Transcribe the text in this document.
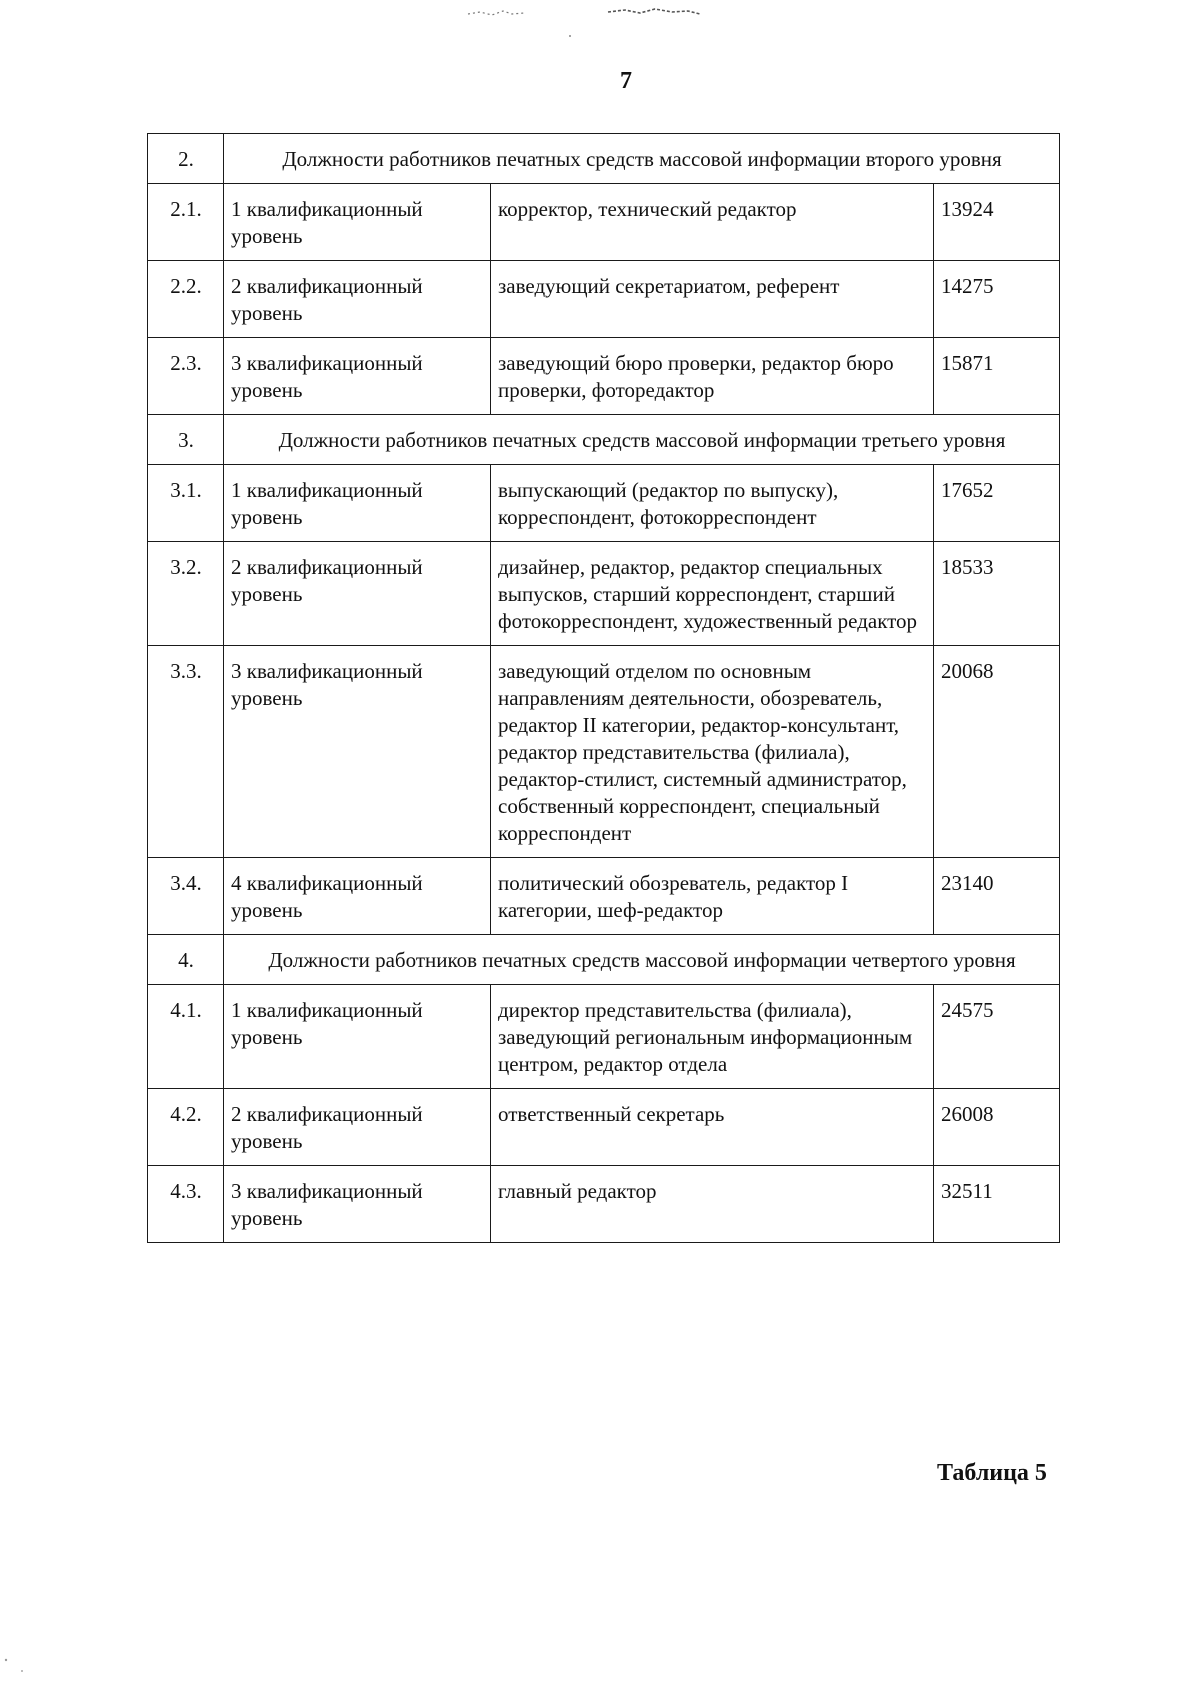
7
2.	Должности работников печатных средств массовой информации второго уровня		
2.1.	1 квалификационный уровень	корректор, технический редактор	13924
2.2.	2 квалификационный уровень	заведующий секретариатом, референт	14275
2.3.	3 квалификационный уровень	заведующий бюро проверки, редактор бюро проверки, фоторедактор	15871
3.	Должности работников печатных средств массовой информации третьего уровня		
3.1.	1 квалификационный уровень	выпускающий (редактор по выпуску), корреспондент, фотокорреспондент	17652
3.2.	2 квалификационный уровень	дизайнер, редактор, редактор специальных выпусков, старший корреспондент, старший фотокорреспондент, художественный редактор	18533
3.3.	3 квалификационный уровень	заведующий отделом по основным направлениям деятельности, обозреватель, редактор II категории, редактор-консультант, редактор представительства (филиала), редактор-стилист, системный администратор, собственный корреспондент, специальный корреспондент	20068
3.4.	4 квалификационный уровень	политический обозреватель, редактор I категории, шеф-редактор	23140
4.	Должности работников печатных средств массовой информации четвертого уровня		
4.1.	1 квалификационный уровень	директор представительства (филиала), заведующий региональным информационным центром, редактор отдела	24575
4.2.	2 квалификационный уровень	ответственный секретарь	26008
4.3.	3 квалификационный уровень	главный редактор	32511
Таблица 5
